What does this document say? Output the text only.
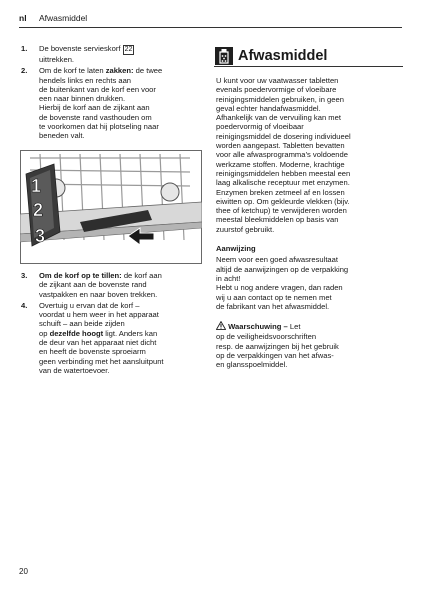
nl Afwasmiddel
1. De bovenste servieskorf 22
uittrekken.
2. Om de korf te laten zakken: de twee
hendels links en rechts aan
de buitenkant van de korf een voor
een naar binnen drukken.
Hierbij de korf aan de zijkant aan
de bovenste rand vasthouden om
te voorkomen dat hij plotseling naar
beneden valt.
1
2
3
3. Om de korf op te tillen: de korf aan
de zijkant aan de bovenste rand
vastpakken en naar boven trekken.
4. Overtuig u ervan dat de korf –
voordat u hem weer in het apparaat
schuift – aan beide zijden
op dezelfde hoogt ligt. Anders kan
de deur van het apparaat niet dicht
en heeft de bovenste sproeiarm
geen verbinding met het aansluitpunt
van de watertoevoer.
Afwasmiddel

U kunt voor uw vaatwasser tabletten
evenals poedervormige of vloeibare
reinigingsmiddelen gebruiken, in geen
geval echter handafwasmiddel.
Afhankelijk van de vervuiling kan met
poedervormig of vloeibaar
reinigingsmiddel de dosering individueel
worden aangepast. Tabletten bevatten
voor alle afwasprogramma’s voldoende
werkzame stoffen. Moderne, krachtige
reinigingsmiddelen hebben meestal een
laag alkalische receptuur met enzymen.
Enzymen breken zetmeel af en lossen
eiwitten op. Om gekleurde vlekken (bijv.
thee of ketchup) te verwijderen worden
meestal bleekmiddelen op basis van
zuurstof gebruikt.

Aanwijzing

Neem voor een goed afwasresultaat
altijd de aanwijzingen op de verpakking
in acht!
Hebt u nog andere vragen, dan raden
wij u aan contact op te nemen met
de fabrikant van het afwasmiddel.

Waarschuwing – Let
op de veiligheidsvoorschriften
resp. de aanwijzingen bij het gebruik
op de verpakkingen van het afwas-
en glansspoelmiddel.

20
